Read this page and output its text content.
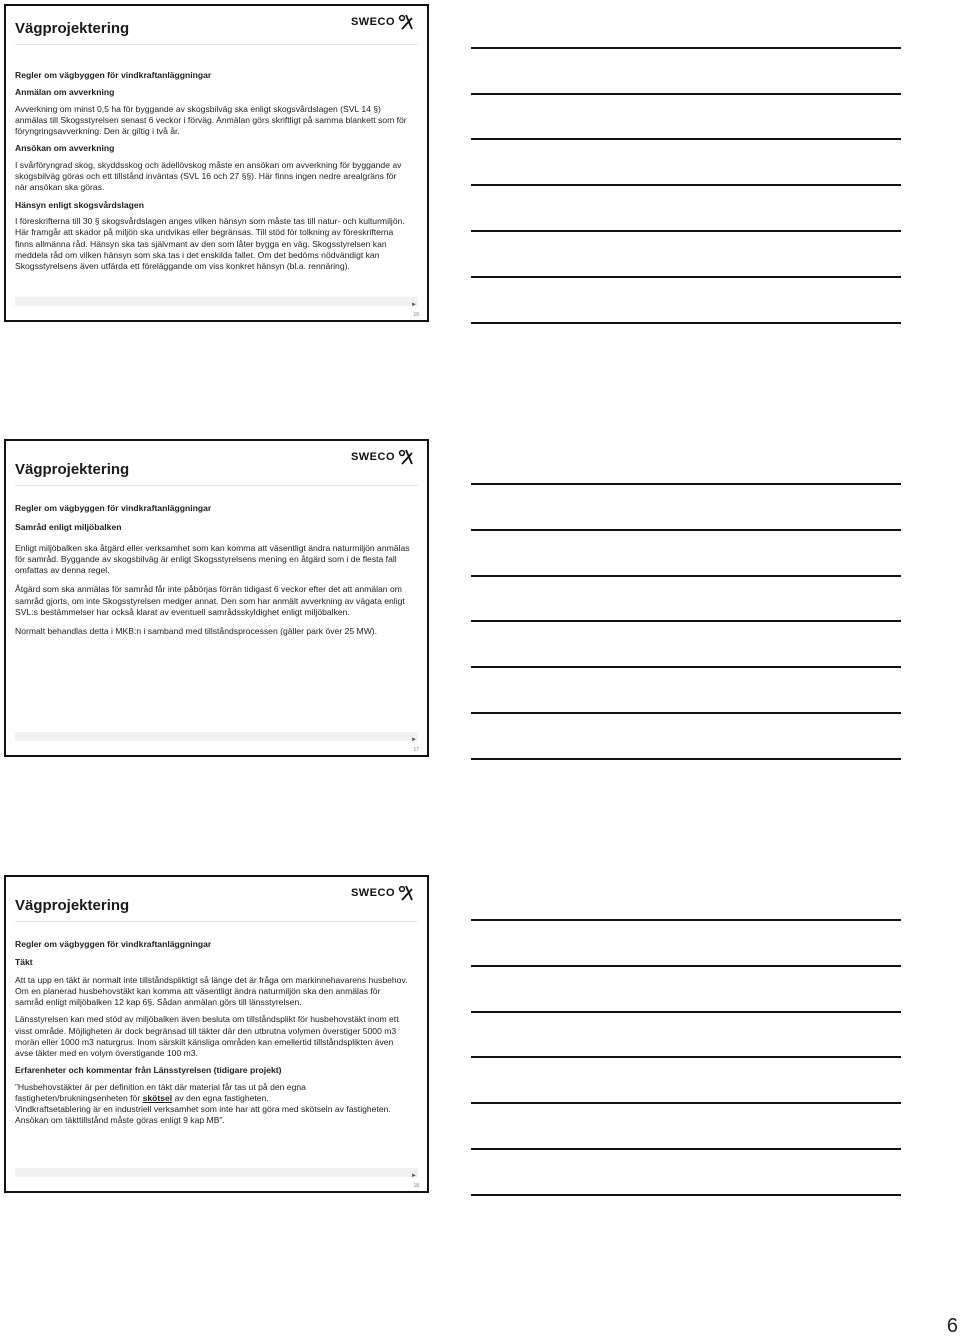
Vägprojektering	SWECO
Regler om vägbyggen för vindkraftanläggningar
Anmälan om avverkning

Avverkning om minst 0,5 ha för byggande av skogsbilväg ska enligt skogsvårdslagen (SVL 14 §) anmälas till Skogsstyrelsen senast 6 veckor i förväg. Anmälan görs skriftligt på samma blankett som för föryngringsavverkning. Den är giltig i två år.

Ansökan om avverkning

I svårföryngrad skog, skyddsskog och ädellövskog måste en ansökan om avverkning för byggande av skogsbilväg göras och ett tillstånd inväntas (SVL 16 och 27 §§). Här finns ingen nedre arealgräns för när ansökan ska göras.

Hänsyn enligt skogsvårdslagen

I föreskrifterna till 30 § skogsvårdslagen anges vilken hänsyn som måste tas till natur- och kulturmiljön. Här framgår att skador på miljön ska undvikas eller begränsas. Till stöd för tolkning av föreskrifterna finns allmänna råd. Hänsyn ska tas självmant av den som låter bygga en väg. Skogsstyrelsen kan meddela råd om vilken hänsyn som ska tas i det enskilda fallet. Om det bedöms nödvändigt kan Skogsstyrelsens även utfärda ett föreläggande om viss konkret hänsyn (bl.a. rennäring).

►
16
Vägprojektering
SWECO
Regler om vägbyggen för vindkraftanläggningar
Samråd enligt miljöbalken

Enligt miljöbalken ska åtgärd eller verksamhet som kan komma att väsentligt ändra naturmiljön anmälas för samråd. Byggande av skogsbilväg är enligt Skogsstyrelsens mening en åtgärd som i de flesta fall omfattas av denna regel.

Åtgärd som ska anmälas för samråd får inte påbörjas förrän tidigast 6 veckor efter det att anmälan om samråd gjorts, om inte Skogsstyrelsen medger annat. Den som har anmält avverkning av vägata enligt SVL:s bestämmelser har också klarat av eventuell samrådsskyldighet enligt miljöbalken.

Normalt behandlas detta i MKB:n i samband med tillståndsprocessen (gäller park över 25 MW).

►
17
Vägprojektering
SWECO
Regler om vägbyggen för vindkraftanläggningar
Täkt

Att ta upp en täkt är normalt inte tillståndspliktigt så länge det är fråga om markinnehavarens husbehov. Om en planerad husbehovstäkt kan komma att väsentligt ändra naturmiljön ska den anmälas för samråd enligt miljöbalken 12 kap 6§. Sådan anmälan görs till länsstyrelsen.

Länsstyrelsen kan med stöd av miljöbalken även besluta om tillståndsplikt för husbehovstäkt inom ett visst område. Möjligheten är dock begränsad till täkter där den utbrutna volymen överstiger 5000 m3 morän eller 1000 m3 naturgrus. Inom särskilt känsliga områden kan emellertid tillståndsplikten även avse täkter med en volym överstigande 100 m3.

Erfarenheter och kommentar från Länsstyrelsen (tidigare projekt)

”Husbehovstäkter är per definition en täkt där material får tas ut på den egna fastigheten/brukningsenheten för skötsel av den egna fastigheten.

Vindkraftsetablering är en industriell verksamhet som inte har att göra med skötseln av fastigheten. Ansökan om täkttillstånd måste göras enligt 9 kap MB”.

►
18
6
